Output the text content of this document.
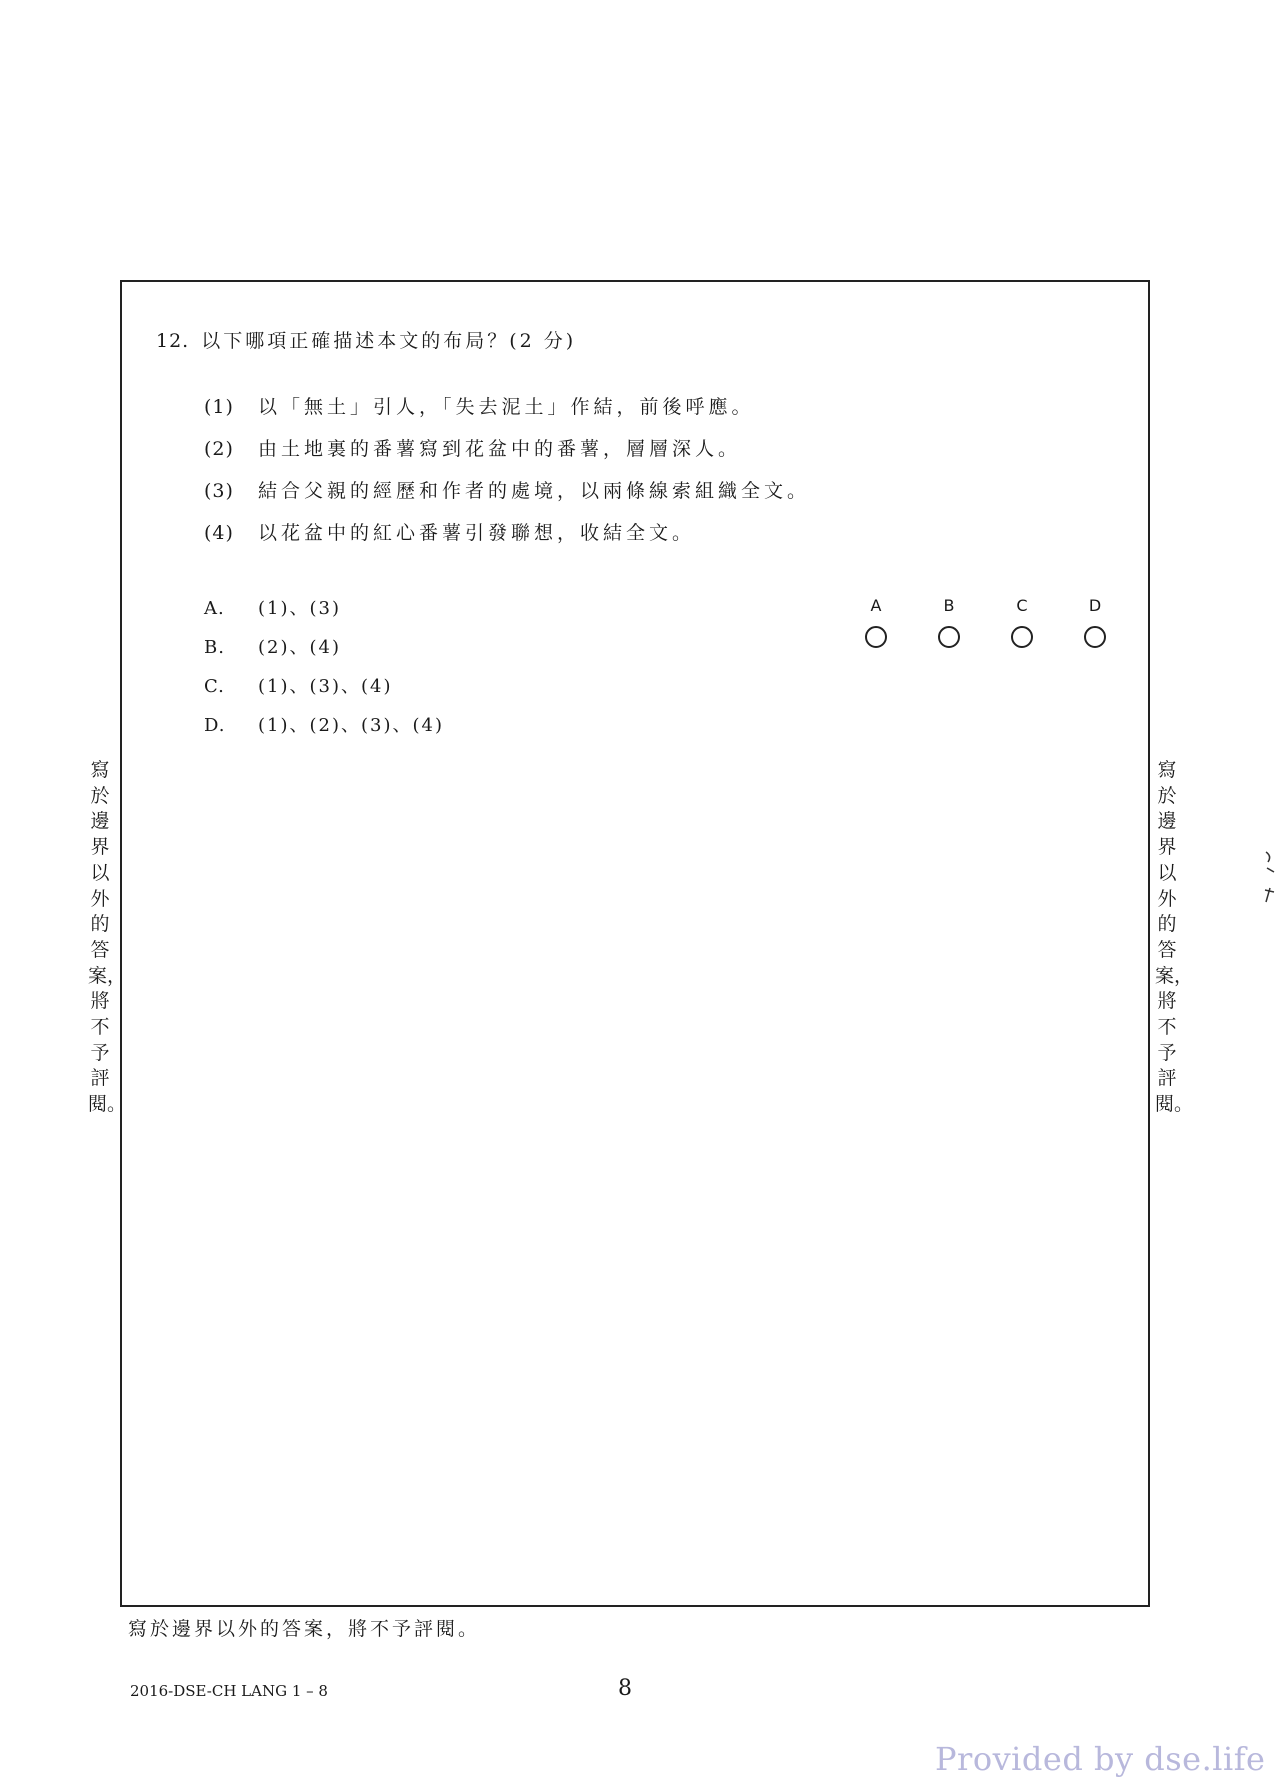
12. 以下哪項正確描述本文的布局？(2 分)
(1) 以「無土」引人，「失去泥土」作結，前後呼應。
(2) 由土地裏的番薯寫到花盆中的番薯，層層深人。
(3) 結合父親的經歷和作者的處境，以兩條線索組織全文。
(4) 以花盆中的紅心番薯引發聯想，收結全文。
A. (1)、(3)
B. (2)、(4)
C. (1)、(3)、(4)
D. (1)、(2)、(3)、(4)
A	B	C	D
寫於邊界以外的答案，將不予評閱。
寫於邊界以外的答案，將不予評閱。
寫於邊界以外的答案，將不予評閱。
2016-DSE-CH LANG 1 – 8	8
Provided by dse.life
